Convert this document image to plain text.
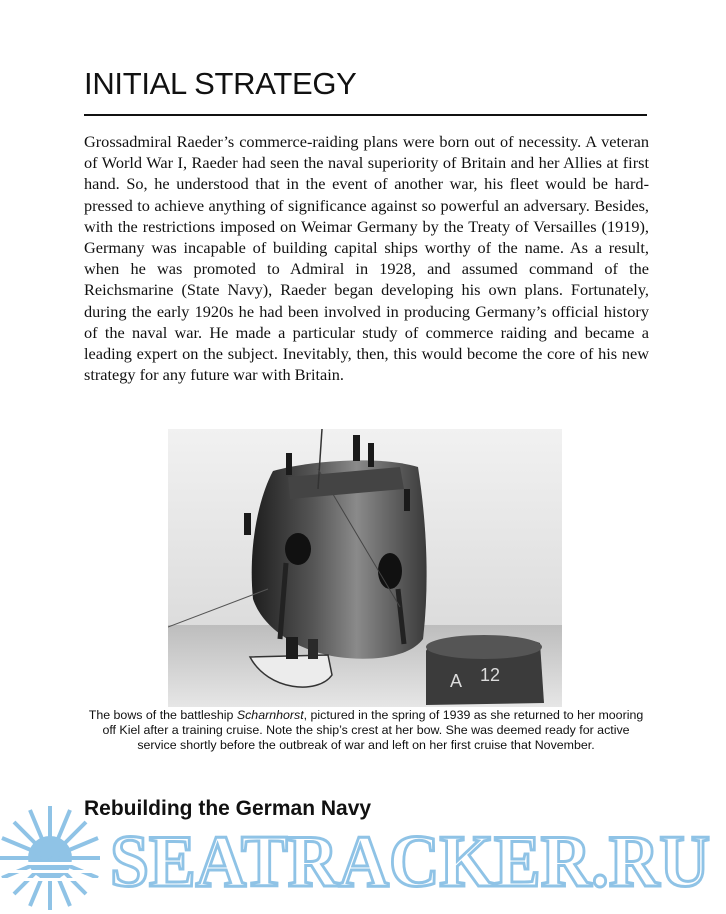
INITIAL STRATEGY

Grossadmiral Raeder’s commerce-raiding plans were born out of necessity. A veteran of World War I, Raeder had seen the naval superiority of Britain and her Allies at first hand. So, he understood that in the event of another war, his fleet would be hard-pressed to achieve anything of significance against so powerful an adversary. Besides, with the restrictions imposed on Weimar Germany by the Treaty of Versailles (1919), Germany was incapable of building capital ships worthy of the name. As a result, when he was promoted to Admiral in 1928, and assumed command of the Reichsmarine (State Navy), Raeder began developing his own plans. Fortunately, during the early 1920s he had been involved in producing Germany’s official history of the naval war. He made a particular study of commerce raiding and became a leading expert on the subject. Inevitably, then, this would become the core of his new strategy for any future war with Britain.

A 12

The bows of the battleship Scharnhorst, pictured in the spring of 1939 as she returned to her mooring off Kiel after a training cruise. Note the ship’s crest at her bow. She was deemed ready for active service shortly before the outbreak of war and left on her first cruise that November.

Rebuilding the German Navy
SEATRACKER.RU
